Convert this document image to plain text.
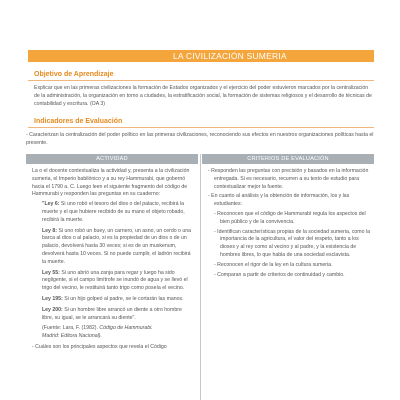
LA CIVILIZACIÓN SUMERIA
Objetivo de Aprendizaje
Explicar que en las primeras civilizaciones la formación de Estados organizados y el ejercicio del poder estuvieron marcados por la centralización de la administración, la organización en torno a ciudades, la estratificación social, la formación de sistemas religiosos y el desarrollo de técnicas de contabilidad y escritura. (OA 3)
Indicadores de Evaluación
- Caracterizan la centralización del poder político en las primeras civilizaciones, reconociendo sus efectos en nuestros organizaciones políticas hasta el presente.
ACTIVIDAD	CRITERIOS DE EVALUACIÓN

La o el docente contextualiza la actividad y, presenta a la civilización sumeria, el Imperio babilónico y a su rey Hammurabi, que gobernó hacia el 1790 a. C. Luego leen el siguiente fragmento del código de Hammurabi y responden las preguntas en su cuaderno:

"Ley 6: Si uno robó el tesoro del dios o del palacio, recibirá la muerte y el que hubiere recibido de su mano el objeto robado, recibirá la muerte.
Ley 8: Si uno robó un buey, un carnero, un asno, un cerdo o una barca al dios o al palacio, si es la propiedad de un dios o de un palacio, devolverá hasta 30 veces; si es de un muskenum, devolverá hasta 10 veces. Si no puede cumplir, el ladrón recibirá la muerte.
Ley 55: Si uno abrió una zanja para regar y luego ha sido negligente, si el campo limítrofe se inundó de agua y se llevó el trigo del vecino, le restituirá tanto trigo como poseía el vecino.
Ley 195: Si un hijo golpeó al padre, se le cortarán las manos.
Ley 200: Si un hombre libre arrancó un diente a otro hombre libre, su igual, se le arrancará su diente".
(Fuente: Lara, F. (1982). Código de Hammurabi.
Madrid: Editora Nacional).

- Cuáles son los principales aspectos que revela el Código

- Responden las preguntas con precisión y basados en la información entregada. Si es necesario, recurren a su texto de estudio para contextualizar mejor la fuente.

- En cuanto al análisis y la obtención de información, los y las estudiantes:

- Reconocen que el código de Hammurabi regula los aspectos del bien público y de la convivencia.

- Identifican características propias de la sociedad sumeria, como la importancia de la agricultura, el valor del respeto, tanto a los dioses y al rey como al vecino y al padre, y la existencia de hombres libres, lo que habla de una sociedad esclavista.

- Reconocen el rigor de la ley en la cultura sumeria.

- Comparan a partir de criterios de continuidad y cambio.
